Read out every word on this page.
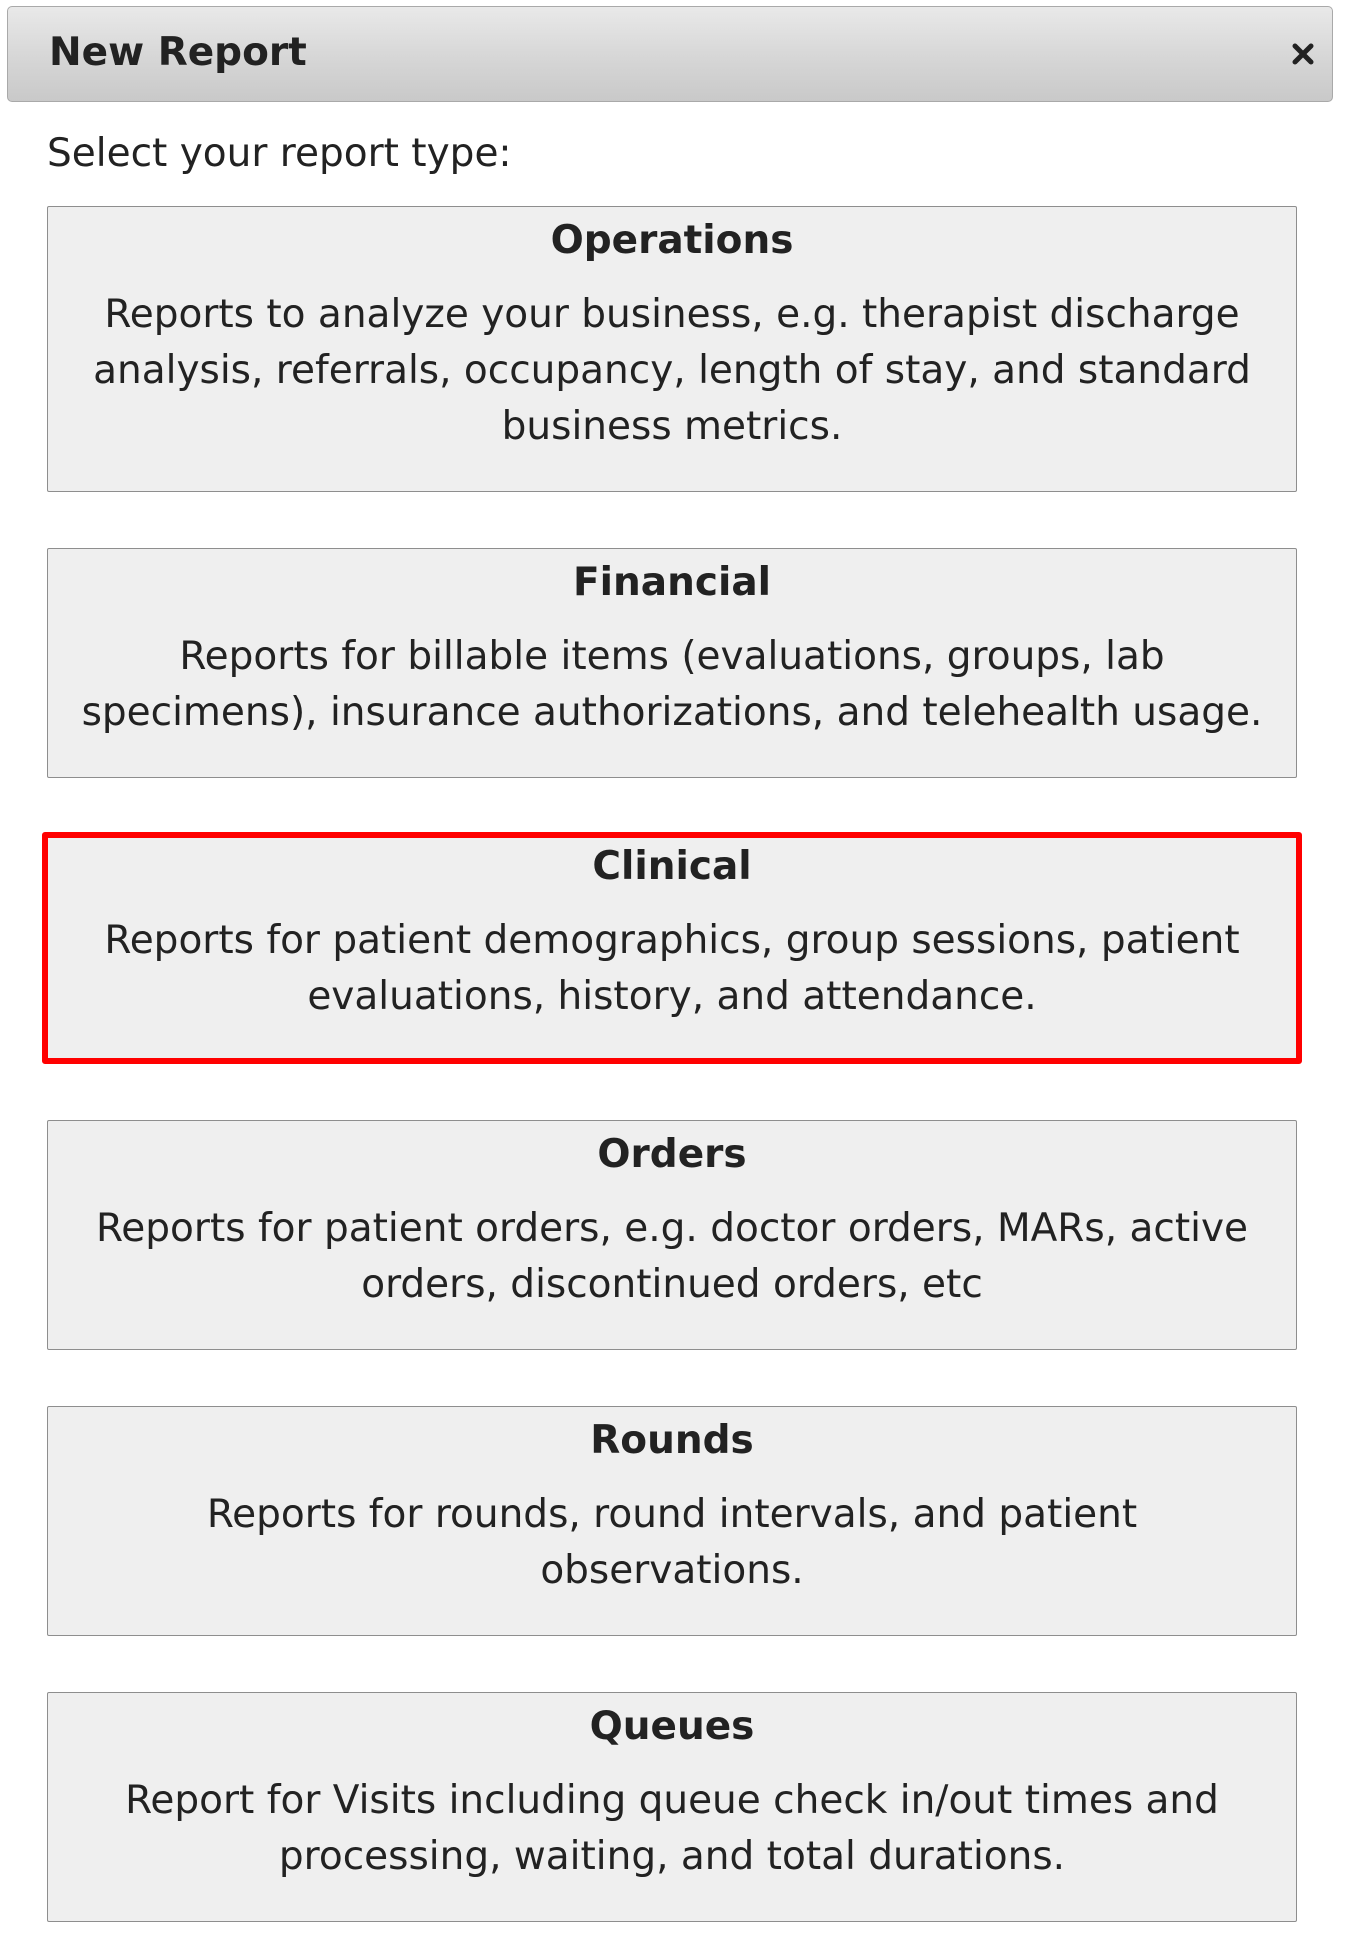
New Report
Select your report type:
Operations
Reports to analyze your business, e.g. therapist discharge analysis, referrals, occupancy, length of stay, and standard business metrics.
Financial
Reports for billable items (evaluations, groups, lab specimens), insurance authorizations, and telehealth usage.
Clinical
Reports for patient demographics, group sessions, patient evaluations, history, and attendance.
Orders
Reports for patient orders, e.g. doctor orders, MARs, active orders, discontinued orders, etc
Rounds
Reports for rounds, round intervals, and patient observations.
Queues
Report for Visits including queue check in/out times and processing, waiting, and total durations.
